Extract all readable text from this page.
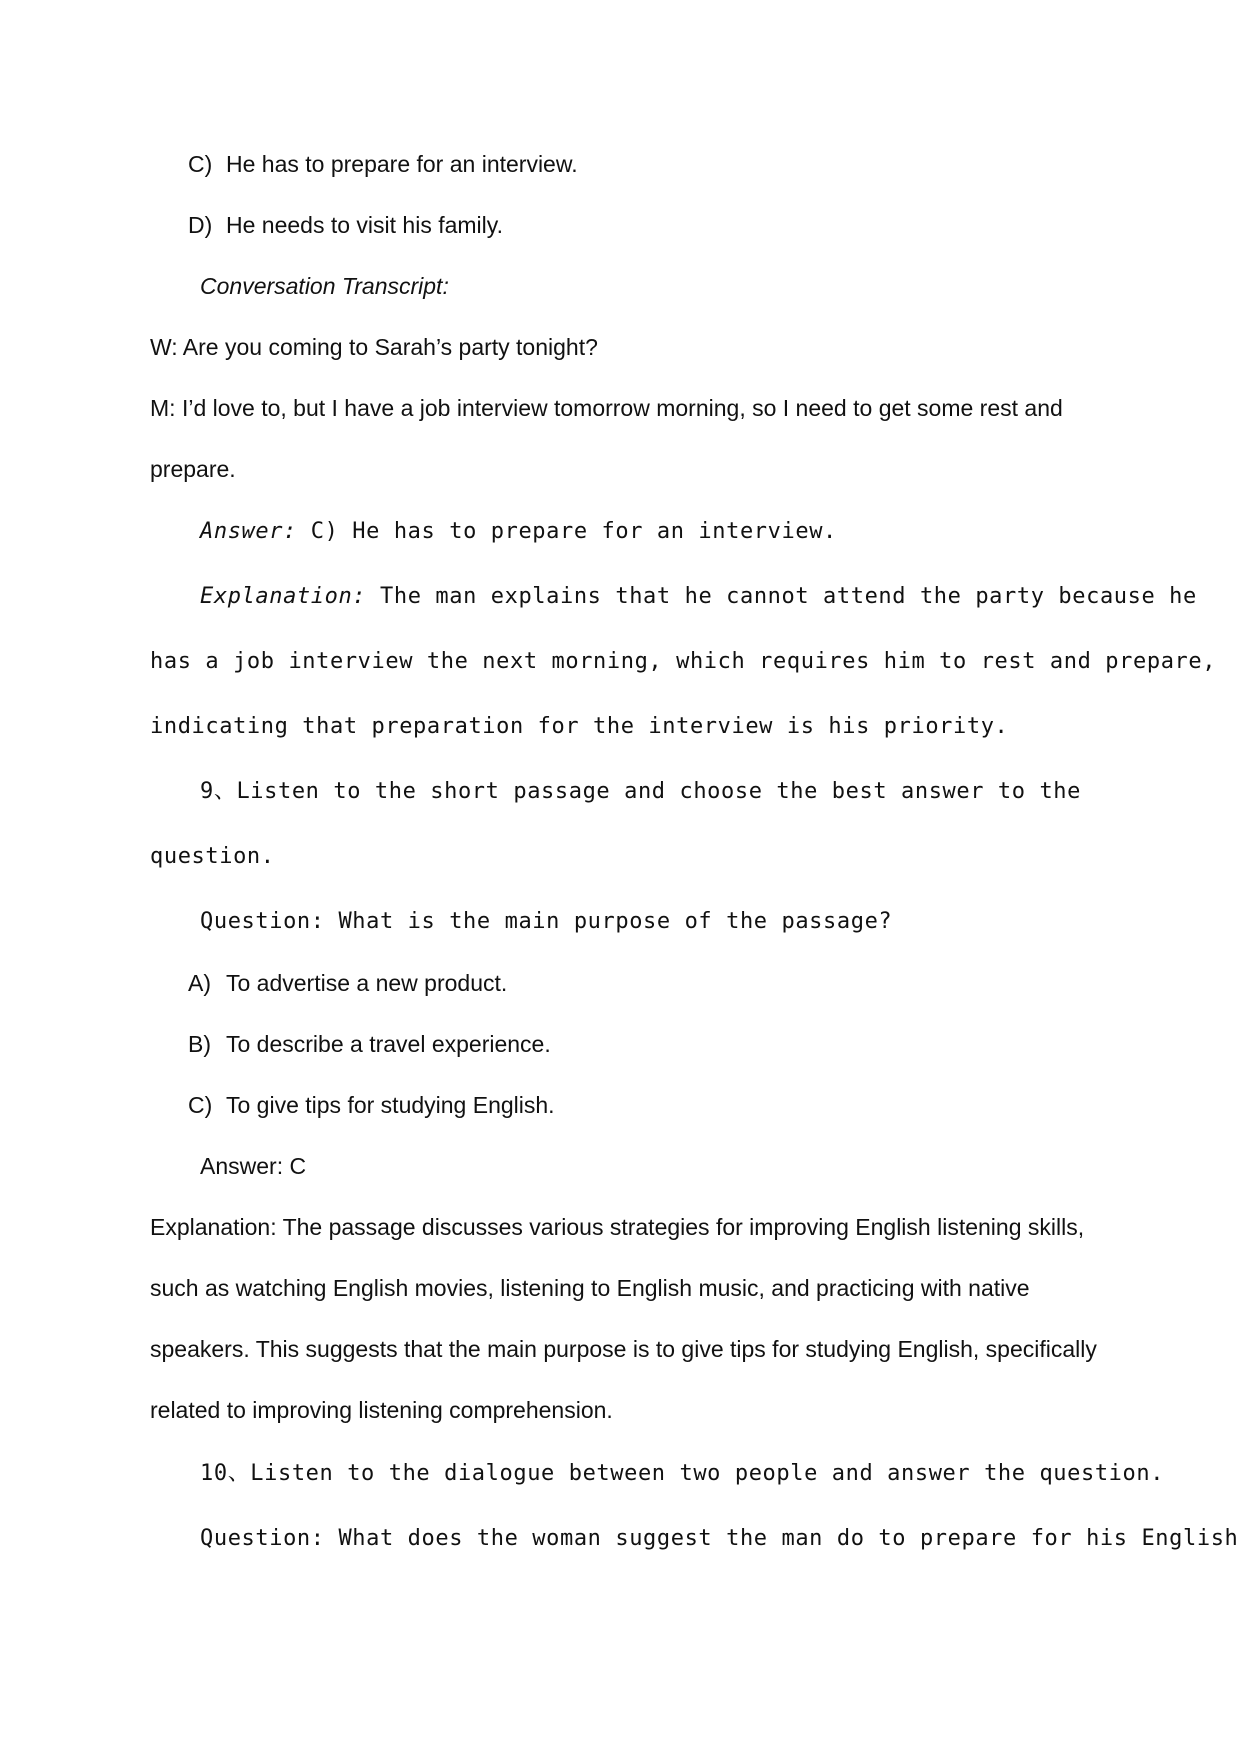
C) He has to prepare for an interview.
D) He needs to visit his family.
Conversation Transcript:
W: Are you coming to Sarah’s party tonight?
M: I’d love to, but I have a job interview tomorrow morning, so I need to get some rest and
prepare.
Answer: C) He has to prepare for an interview.
Explanation: The man explains that he cannot attend the party because he
has a job interview the next morning, which requires him to rest and prepare,
indicating that preparation for the interview is his priority.
9、Listen to the short passage and choose the best answer to the
question.
Question: What is the main purpose of the passage?
A) To advertise a new product.
B) To describe a travel experience.
C) To give tips for studying English.
Answer: C
Explanation: The passage discusses various strategies for improving English listening skills,
such as watching English movies, listening to English music, and practicing with native
speakers. This suggests that the main purpose is to give tips for studying English, specifically
related to improving listening comprehension.
10、Listen to the dialogue between two people and answer the question.
Question: What does the woman suggest the man do to prepare for his English
